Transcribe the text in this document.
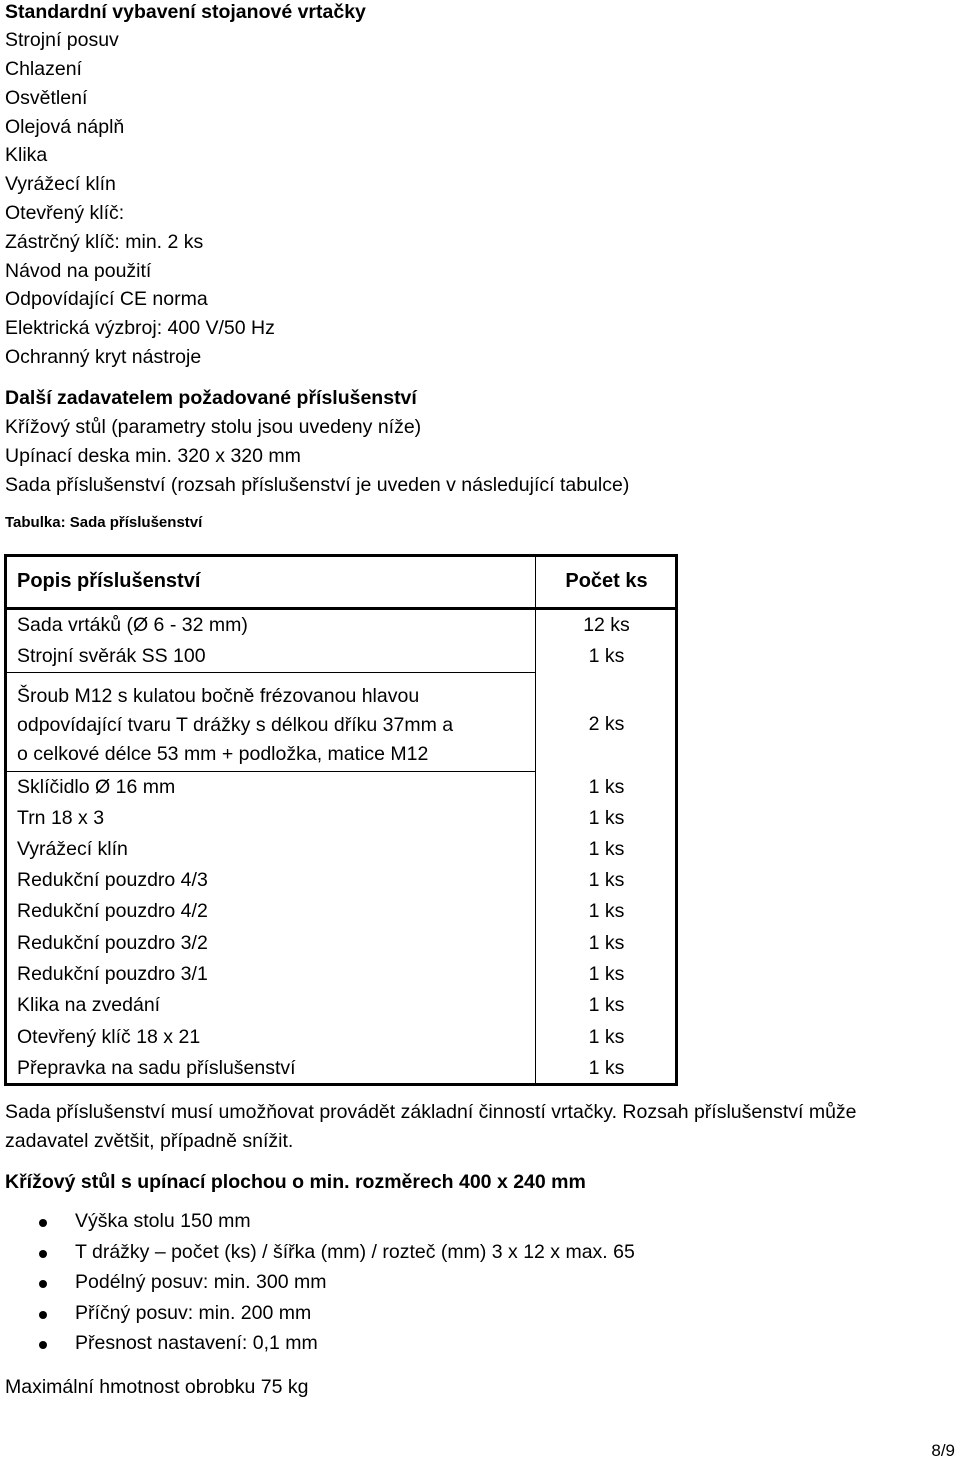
Standardní vybavení stojanové vrtačky
Strojní posuv
Chlazení
Osvětlení
Olejová náplň
Klika
Vyrážecí klín
Otevřený klíč:
Zástrčný klíč: min. 2 ks
Návod na použití
Odpovídající CE norma
Elektrická výzbroj: 400 V/50 Hz
Ochranný kryt nástroje
Další zadavatelem požadované příslušenství
Křížový stůl (parametry stolu jsou uvedeny níže)
Upínací deska min. 320 x 320 mm
Sada příslušenství (rozsah příslušenství je uveden v následující tabulce)
Tabulka: Sada příslušenství
Popis příslušenství	Počet ks
Sada vrtáků (Ø 6 - 32 mm)	12 ks
Strojní svěrák SS 100	1 ks
Šroub M12 s kulatou bočně frézovanou hlavou
odpovídající tvaru T drážky s délkou dříku 37mm a
o celkové délce 53 mm + podložka, matice M12
2 ks
Sklíčidlo Ø 16 mm	1 ks
Trn 18 x 3	1 ks
Vyrážecí klín	1 ks
Redukční pouzdro 4/3	1 ks
Redukční pouzdro 4/2	1 ks
Redukční pouzdro 3/2	1 ks
Redukční pouzdro 3/1	1 ks
Klika na zvedání	1 ks
Otevřený klíč 18 x 21	1 ks
Přepravka na sadu příslušenství	1 ks
Sada příslušenství musí umožňovat provádět základní činností vrtačky. Rozsah příslušenství může
zadavatel zvětšit, případně snížit.
Křížový stůl s upínací plochou o min. rozměrech 400 x 240 mm
Výška stolu 150 mm
T drážky – počet (ks) / šířka (mm) / rozteč (mm) 3 x 12 x max. 65
Podélný posuv: min. 300 mm
Příčný posuv: min. 200 mm
Přesnost nastavení: 0,1 mm
Maximální hmotnost obrobku 75 kg
8/9
